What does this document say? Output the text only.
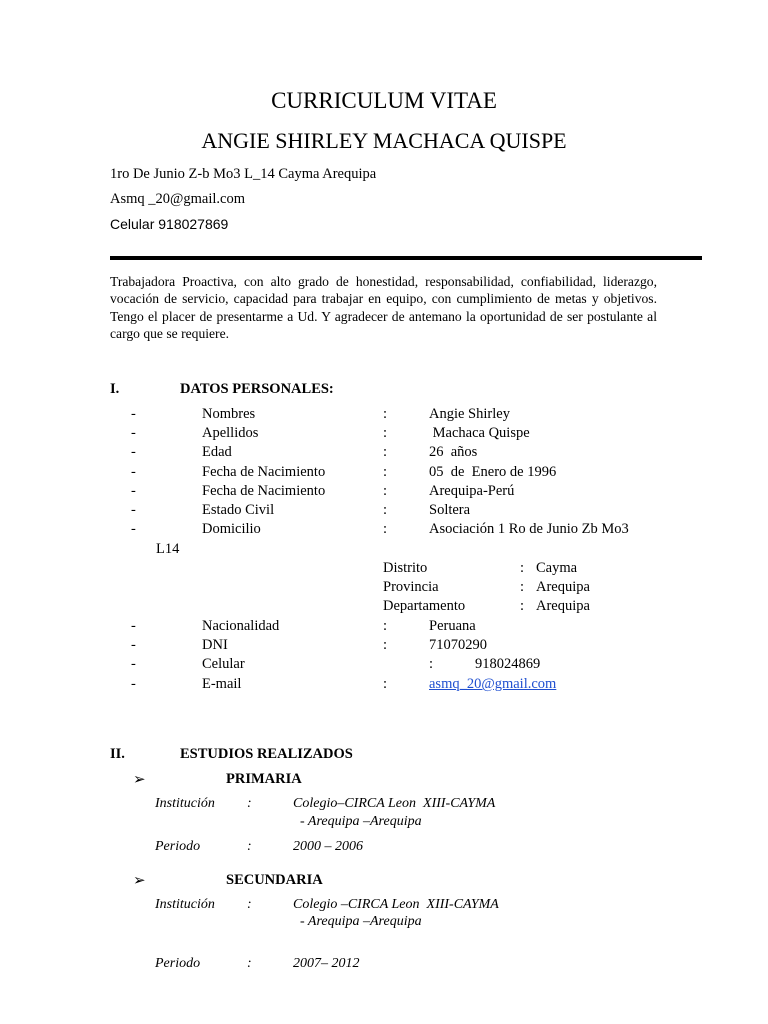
CURRICULUM VITAE
ANGIE SHIRLEY MACHACA QUISPE
1ro De Junio Z-b Mo3 L_14 Cayma Arequipa
Asmq _20@gmail.com
Celular 918027869
Trabajadora Proactiva, con alto grado de honestidad, responsabilidad, confiabilidad, liderazgo, vocación de servicio, capacidad para trabajar en equipo, con cumplimiento de metas y objetivos. Tengo el placer de presentarme a Ud. Y agradecer de antemano la oportunidad de ser postulante al cargo que se requiere.
I.	DATOS PERSONALES:
-	Nombres	:	Angie Shirley
-	Apellidos	:	Machaca Quispe
-	Edad	:	26  años
-	Fecha de Nacimiento	:	05  de  Enero de 1996
-	Fecha de Nacimiento	:	Arequipa-Perú
-	Estado Civil	:	Soltera
-	Domicilio	:	Asociación 1 Ro de Junio Zb Mo3
L14
Distrito	: Cayma
Provincia	: Arequipa
Departamento	: Arequipa
-	Nacionalidad	:	Peruana
-	DNI	:	71070290
-	Celular	:	918024869
-	E-mail	:	asmq_20@gmail.com
II.	ESTUDIOS REALIZADOS
➢	PRIMARIA
Institución :	Colegio–CIRCA Leon  XIII-CAYMA
- Arequipa –Arequipa
Periodo	:	2000 – 2006
➢	SECUNDARIA
Institución :	Colegio –CIRCA Leon  XIII-CAYMA
- Arequipa –Arequipa
Periodo	:	2007– 2012
